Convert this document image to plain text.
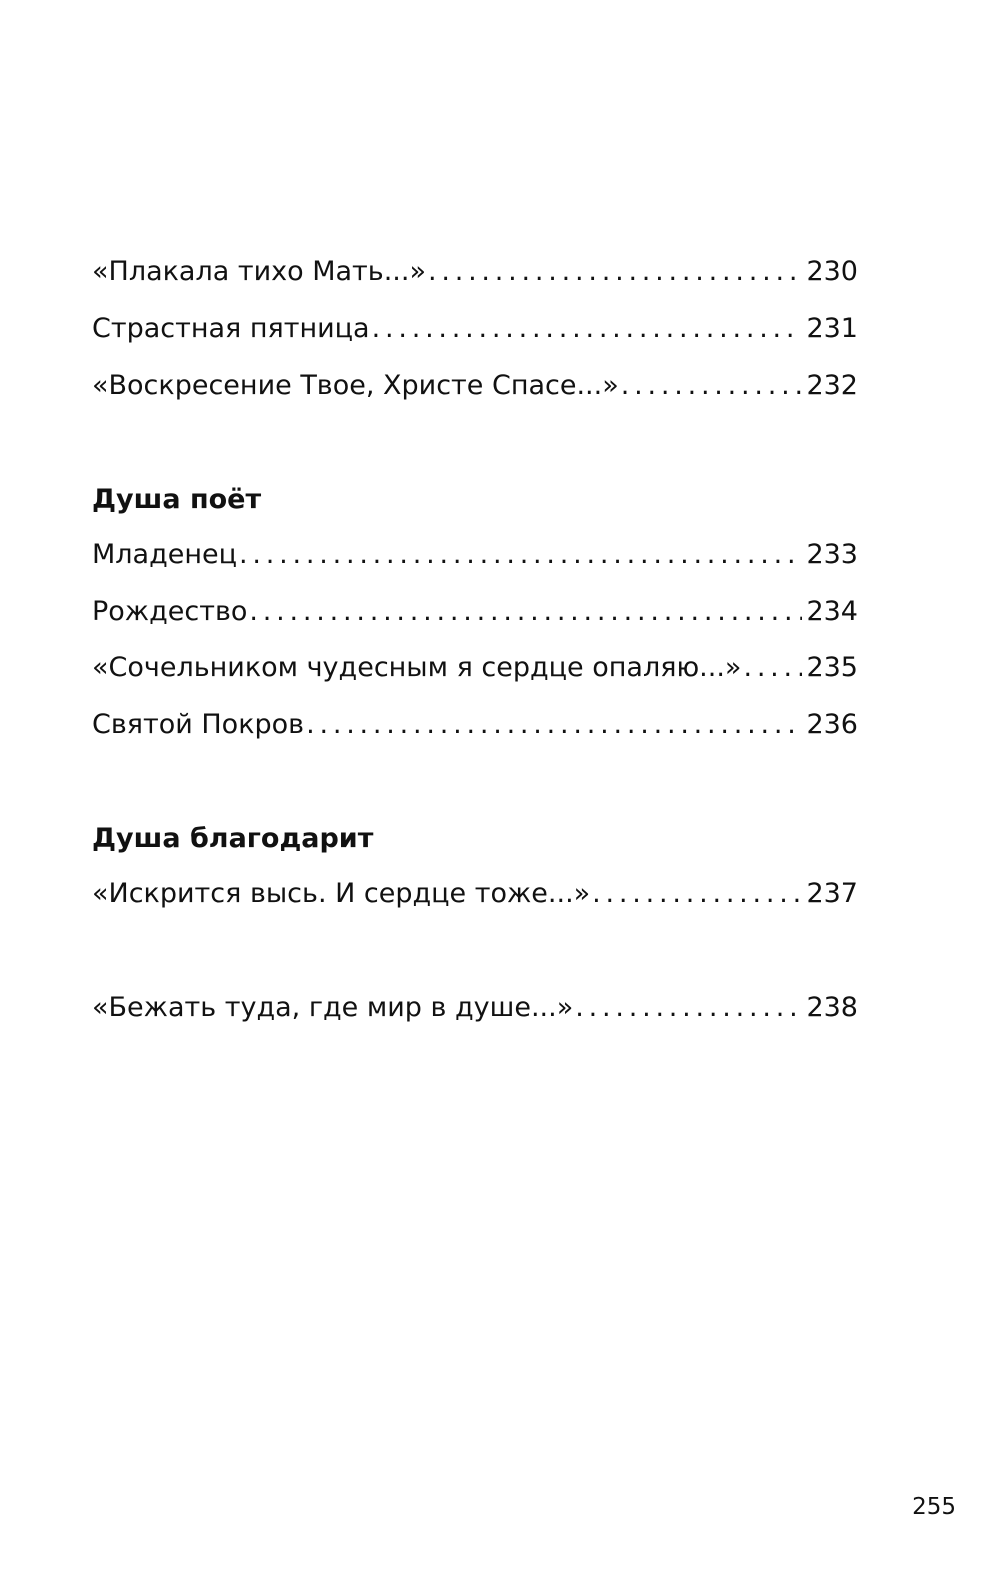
«Плакала тихо Мать...» . . .	230
Страстная пятница . . .	231
«Воскресение Твое, Христе Спасе...» . . .	232
Душа поёт
Младенец . . .	233
Рождество . . .	234
«Сочельником чудесным я сердце опаляю...» . . . 235
Святой Покров . . .	236
Душа благодарит
«Искрится высь. И сердце тоже...» . . .	237
«Бежать туда, где мир в душе...» . . .	238
255
